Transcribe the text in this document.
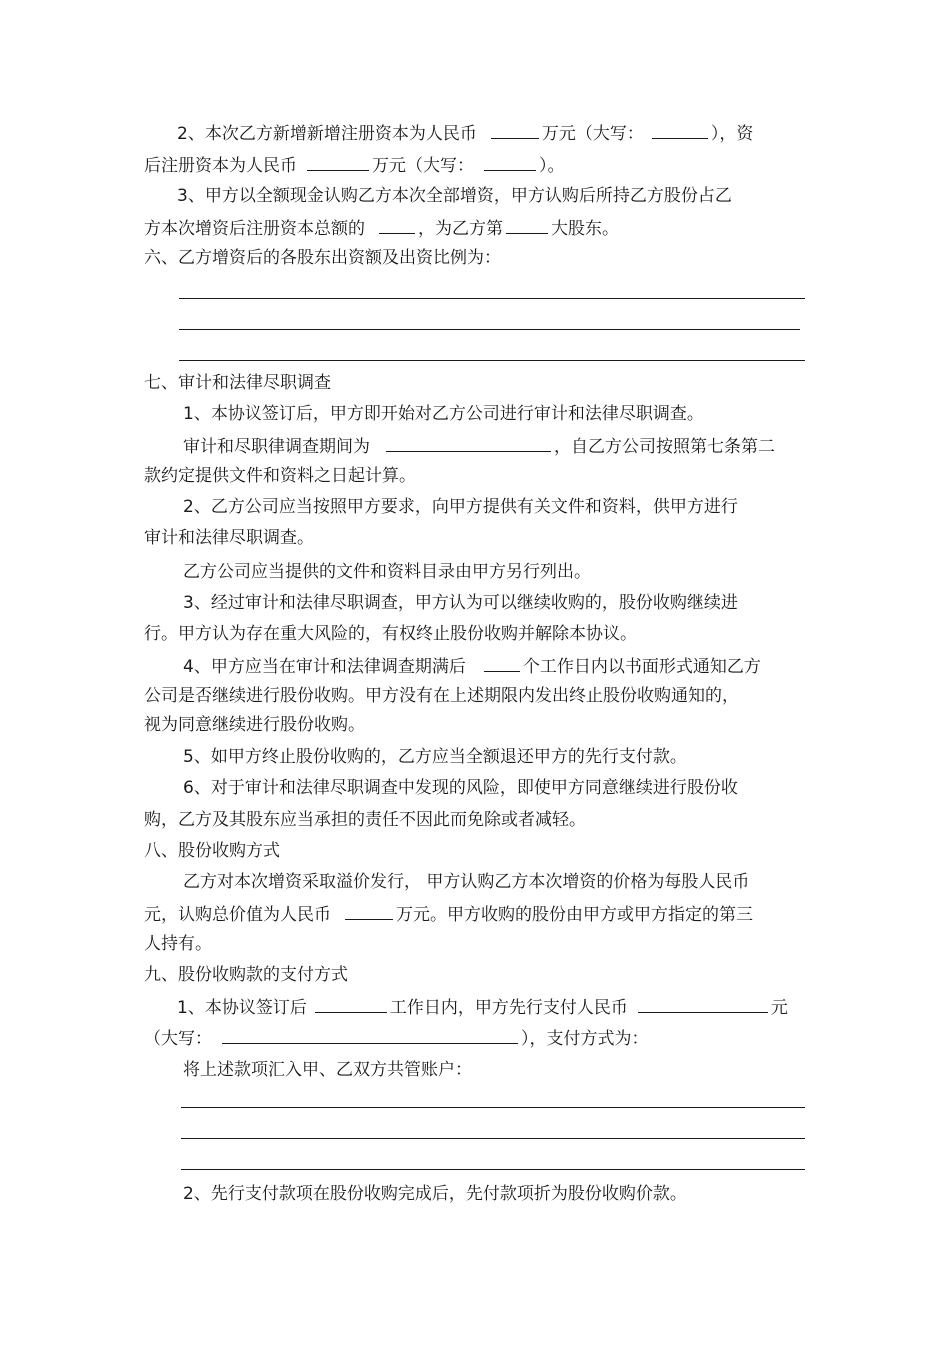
2、本次乙方新增新增注册资本为人民币	万元（大写：	），资
后注册资本为人民币	万元（大写：	）。
3、甲方以全额现金认购乙方本次全部增资，甲方认购后所持乙方股份占乙
方本次增资后注册资本总额的	，为乙方第	大股东。
六、乙方增资后的各股东出资额及出资比例为：
七、审计和法律尽职调查
1、本协议签订后，甲方即开始对乙方公司进行审计和法律尽职调查。
审计和尽职律调查期间为	，自乙方公司按照第七条第二
款约定提供文件和资料之日起计算。
2、乙方公司应当按照甲方要求，向甲方提供有关文件和资料，供甲方进行
审计和法律尽职调查。
乙方公司应当提供的文件和资料目录由甲方另行列出。
3、经过审计和法律尽职调查，甲方认为可以继续收购的，股份收购继续进
行。甲方认为存在重大风险的，有权终止股份收购并解除本协议。
4、甲方应当在审计和法律调查期满后	个工作日内以书面形式通知乙方
公司是否继续进行股份收购。甲方没有在上述期限内发出终止股份收购通知的，
视为同意继续进行股份收购。
5、如甲方终止股份收购的，乙方应当全额退还甲方的先行支付款。
6、对于审计和法律尽职调查中发现的风险，即使甲方同意继续进行股份收
购，乙方及其股东应当承担的责任不因此而免除或者减轻。
八、股份收购方式
乙方对本次增资采取溢价发行， 甲方认购乙方本次增资的价格为每股人民币
元，认购总价值为人民币	万元。甲方收购的股份由甲方或甲方指定的第三
人持有。
九、股份收购款的支付方式
1、本协议签订后	工作日内，甲方先行支付人民币	元
（大写：	），支付方式为：
将上述款项汇入甲、乙双方共管账户：
2、先行支付款项在股份收购完成后，先付款项折为股份收购价款。
